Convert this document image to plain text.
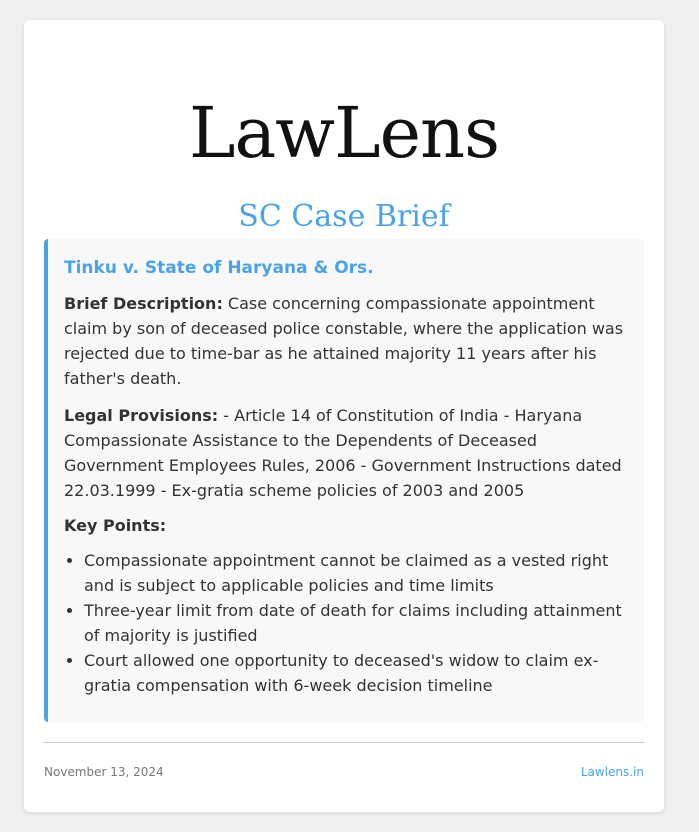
LawLens
SC Case Brief
Tinku v. State of Haryana & Ors.

Brief Description: Case concerning compassionate appointment claim by son of deceased police constable, where the application was rejected due to time-bar as he attained majority 11 years after his father's death.

Legal Provisions: - Article 14 of Constitution of India - Haryana Compassionate Assistance to the Dependents of Deceased Government Employees Rules, 2006 - Government Instructions dated 22.03.1999 - Ex-gratia scheme policies of 2003 and 2005

Key Points:
• Compassionate appointment cannot be claimed as a vested right and is subject to applicable policies and time limits
• Three-year limit from date of death for claims including attainment of majority is justified
• Court allowed one opportunity to deceased's widow to claim ex-gratia compensation with 6-week decision timeline
November 13, 2024	Lawlens.in
